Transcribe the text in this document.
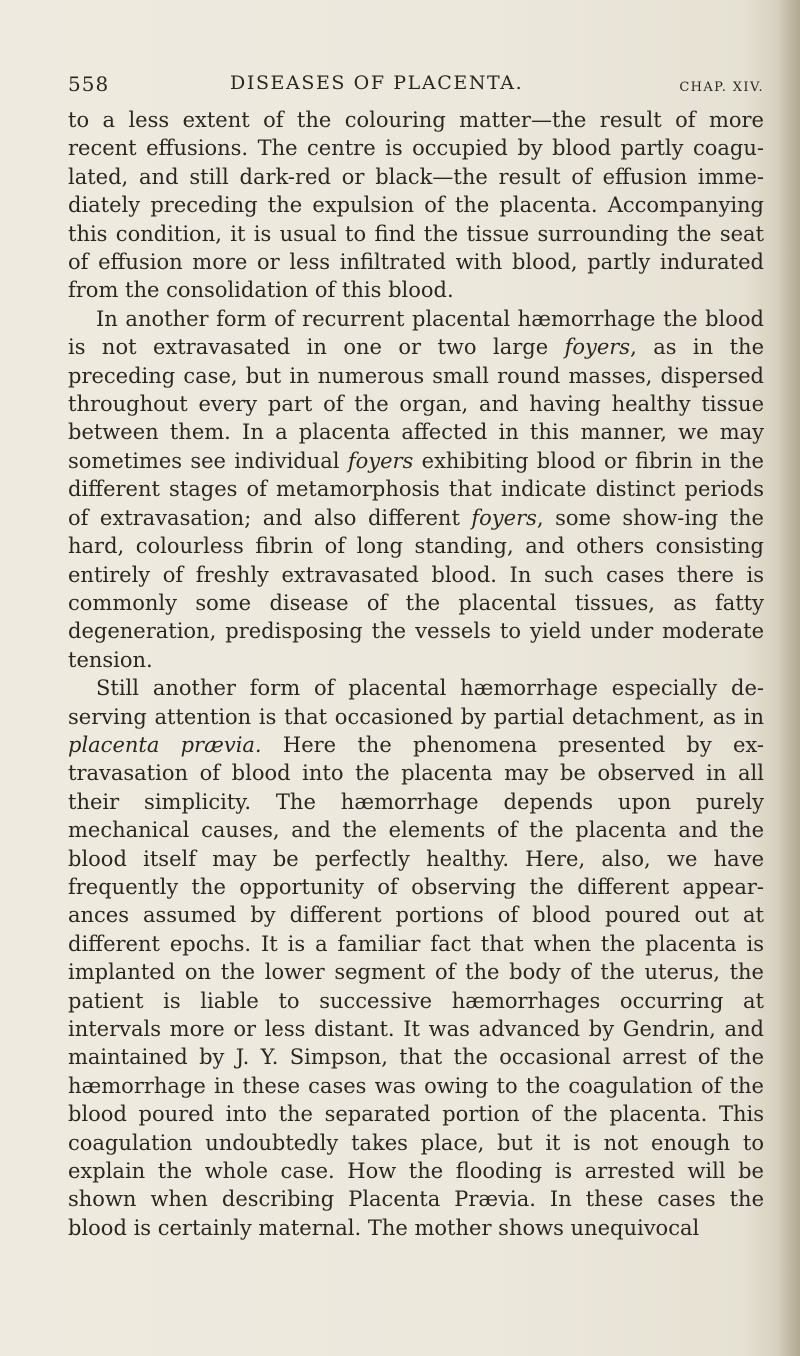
558	DISEASES OF PLACENTA.	CHAP. XIV.

to a less extent of the colouring matter—the result of more recent effusions. The centre is occupied by blood partly coagu-lated, and still dark-red or black—the result of effusion imme-diately preceding the expulsion of the placenta. Accompanying this condition, it is usual to find the tissue surrounding the seat of effusion more or less infiltrated with blood, partly indurated from the consolidation of this blood.

In another form of recurrent placental hæmorrhage the blood is not extravasated in one or two large foyers, as in the preceding case, but in numerous small round masses, dispersed throughout every part of the organ, and having healthy tissue between them. In a placenta affected in this manner, we may sometimes see individual foyers exhibiting blood or fibrin in the different stages of metamorphosis that indicate distinct periods of extravasation; and also different foyers, some show-ing the hard, colourless fibrin of long standing, and others consisting entirely of freshly extravasated blood. In such cases there is commonly some disease of the placental tissues, as fatty degeneration, predisposing the vessels to yield under moderate tension.

Still another form of placental hæmorrhage especially de-serving attention is that occasioned by partial detachment, as in placenta prævia. Here the phenomena presented by ex-travasation of blood into the placenta may be observed in all their simplicity. The hæmorrhage depends upon purely mechanical causes, and the elements of the placenta and the blood itself may be perfectly healthy. Here, also, we have frequently the opportunity of observing the different appear-ances assumed by different portions of blood poured out at different epochs. It is a familiar fact that when the placenta is implanted on the lower segment of the body of the uterus, the patient is liable to successive hæmorrhages occurring at intervals more or less distant. It was advanced by Gendrin, and maintained by J. Y. Simpson, that the occasional arrest of the hæmorrhage in these cases was owing to the coagulation of the blood poured into the separated portion of the placenta. This coagulation undoubtedly takes place, but it is not enough to explain the whole case. How the flooding is arrested will be shown when describing Placenta Prævia. In these cases the blood is certainly maternal. The mother shows unequivocal
